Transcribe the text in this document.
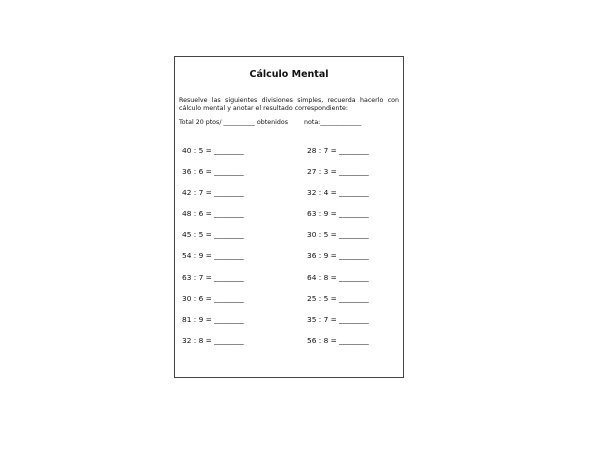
Cálculo Mental
Resuelve las siguientes divisiones simples, recuerda hacerlo con cálculo mental y anotar el resultado correspondiente:
Total 20 ptos/ __________ obtenidos        nota:_____________
40 : 5 = ________
36 : 6 = ________
42 : 7 = ________
48 : 6 = ________
45 : 5 = ________
54 : 9 = ________
63 : 7 = ________
30 : 6 = ________
81 : 9 = ________
32 : 8 = ________
28 : 7 = ________
27 : 3 = ________
32 : 4 = ________
63 : 9 = ________
30 : 5 = ________
36 : 9 = ________
64 : 8 = ________
25 : 5 = ________
35 : 7 = ________
56 : 8 = ________
